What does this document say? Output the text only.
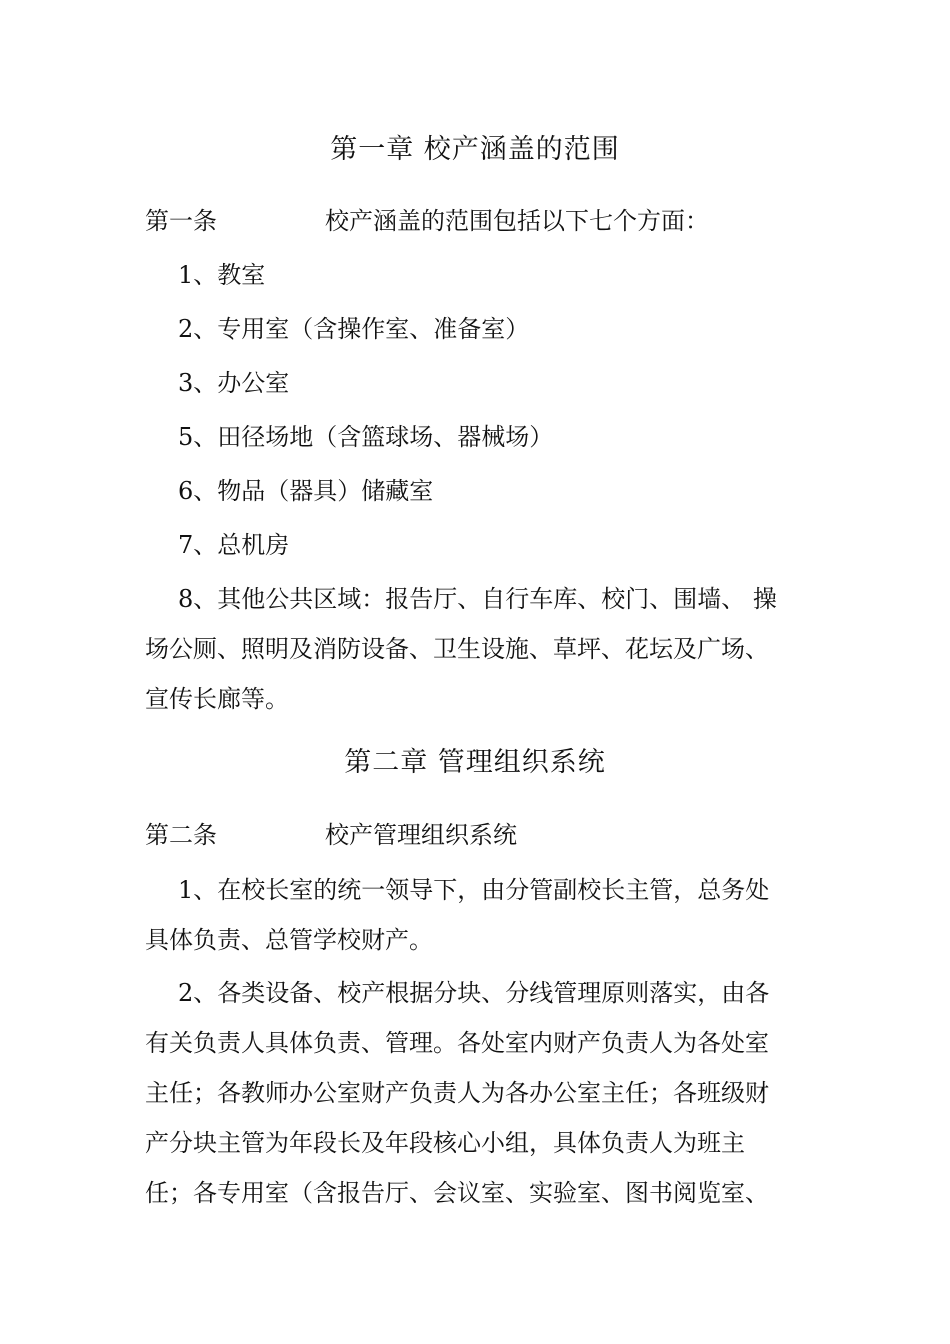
第一章 校产涵盖的范围
第一条	校产涵盖的范围包括以下七个方面：
1、教室
2、专用室（含操作室、准备室）
3、办公室
5、田径场地（含篮球场、器械场）
6、物品（器具）储藏室
7、总机房
8、其他公共区域：报告厅、自行车库、校门、围墙、 操
场公厕、照明及消防设备、卫生设施、草坪、花坛及广场、
宣传长廊等。
第二章 管理组织系统
第二条	校产管理组织系统
1、在校长室的统一领导下，由分管副校长主管，总务处
具体负责、总管学校财产。
2、各类设备、校产根据分块、分线管理原则落实，由各
有关负责人具体负责、管理。各处室内财产负责人为各处室
主任；各教师办公室财产负责人为各办公室主任；各班级财
产分块主管为年段长及年段核心小组，具体负责人为班主
任；各专用室（含报告厅、会议室、实验室、图书阅览室、
